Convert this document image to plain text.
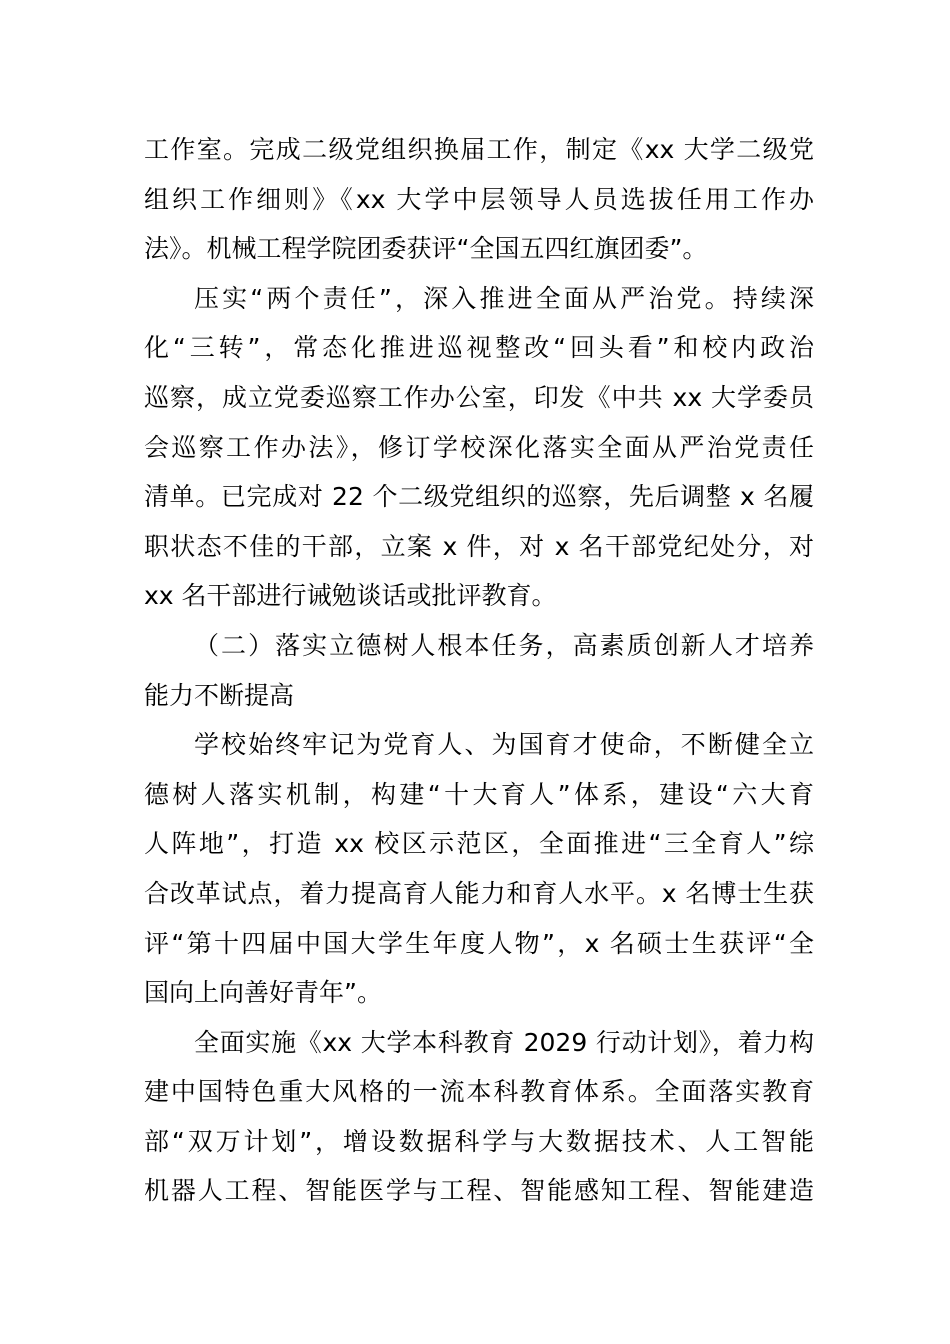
工作室。完成二级党组织换届工作，制定《xx 大学二级党
组织工作细则》《xx 大学中层领导人员选拔任用工作办
法》。机械工程学院团委获评“全国五四红旗团委”。
压实“两个责任”，深入推进全面从严治党。持续深
化“三转”，常态化推进巡视整改“回头看”和校内政治
巡察，成立党委巡察工作办公室，印发《中共 xx 大学委员
会巡察工作办法》，修订学校深化落实全面从严治党责任
清单。已完成对 22 个二级党组织的巡察，先后调整 x 名履
职状态不佳的干部，立案 x 件，对 x 名干部党纪处分，对
xx 名干部进行诫勉谈话或批评教育。
（二）落实立德树人根本任务，高素质创新人才培养
能力不断提高
学校始终牢记为党育人、为国育才使命，不断健全立
德树人落实机制，构建“十大育人”体系，建设“六大育
人阵地”，打造 xx 校区示范区，全面推进“三全育人”综
合改革试点，着力提高育人能力和育人水平。x 名博士生获
评“第十四届中国大学生年度人物”，x 名硕士生获评“全
国向上向善好青年”。
全面实施《xx 大学本科教育 2029 行动计划》，着力构
建中国特色重大风格的一流本科教育体系。全面落实教育
部“双万计划”，增设数据科学与大数据技术、人工智能
机器人工程、智能医学与工程、智能感知工程、智能建造
